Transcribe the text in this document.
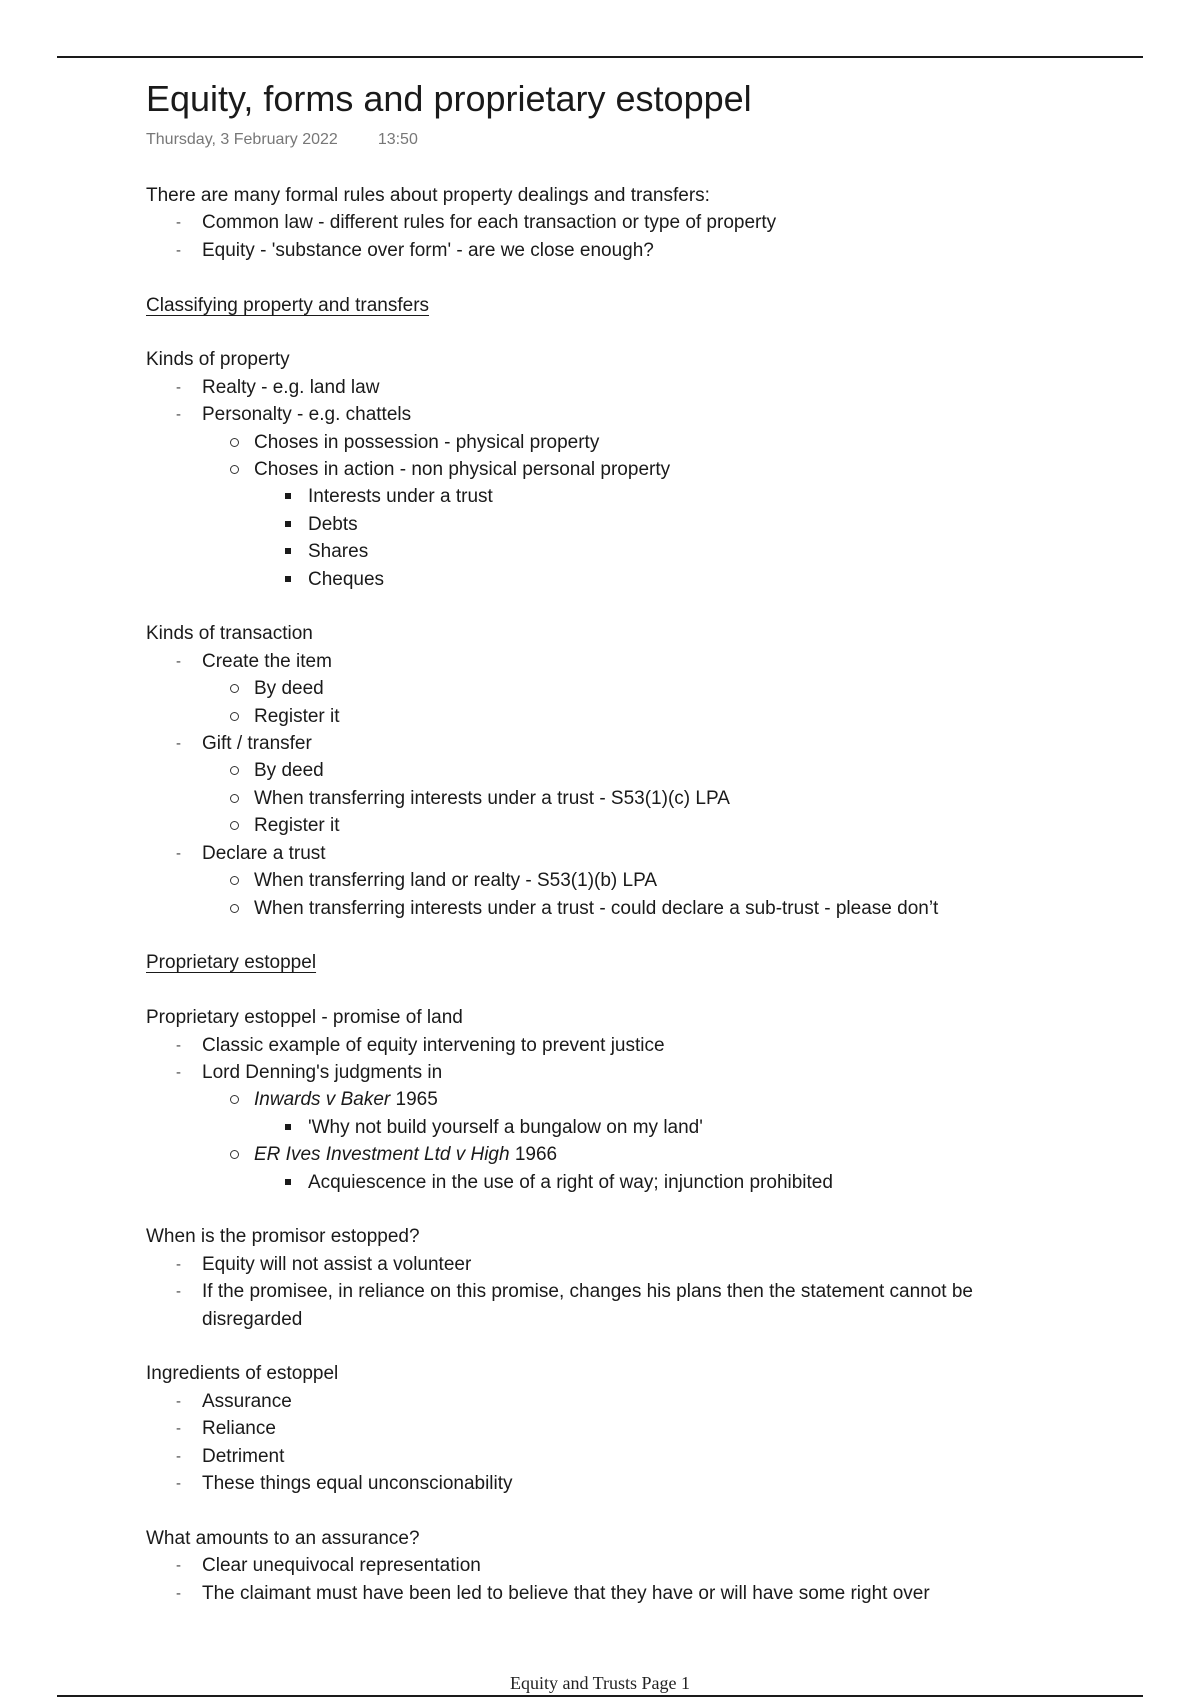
Equity, forms and proprietary estoppel
Thursday, 3 February 2022	13:50
There are many formal rules about property dealings and transfers:
-	Common law - different rules for each transaction or type of property
-	Equity - 'substance over form' - are we close enough?
Classifying property and transfers
Kinds of property
-	Realty - e.g. land law
-	Personalty - e.g. chattels
Choses in possession - physical property
Choses in action - non physical personal property
Interests under a trust
Debts
Shares
Cheques
Kinds of transaction
-	Create the item
By deed
Register it
-	Gift / transfer
By deed
When transferring interests under a trust - S53(1)(c) LPA
Register it
-	Declare a trust
When transferring land or realty - S53(1)(b) LPA
When transferring interests under a trust - could declare a sub-trust - please don’t
Proprietary estoppel
Proprietary estoppel - promise of land
-	Classic example of equity intervening to prevent justice
-	Lord Denning's judgments in
Inwards v Baker 1965
'Why not build yourself a bungalow on my land'
ER Ives Investment Ltd v High 1966
Acquiescence in the use of a right of way; injunction prohibited
When is the promisor estopped?
-	Equity will not assist a volunteer
-	If the promisee, in reliance on this promise, changes his plans then the statement cannot be disregarded
Ingredients of estoppel
-	Assurance
-	Reliance
-	Detriment
-	These things equal unconscionability
What amounts to an assurance?
-	Clear unequivocal representation
-	The claimant must have been led to believe that they have or will have some right over
Equity and Trusts Page 1
